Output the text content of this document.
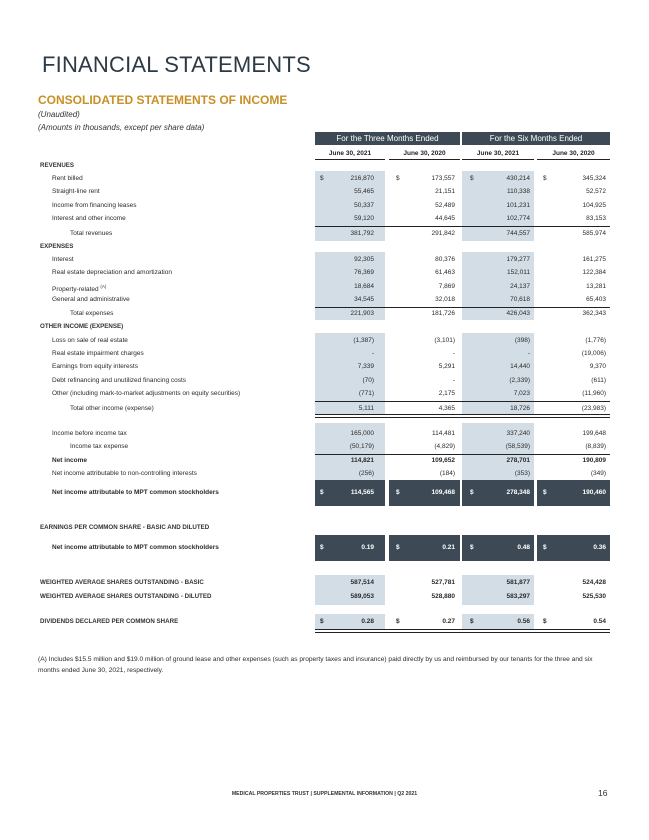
FINANCIAL STATEMENTS
CONSOLIDATED STATEMENTS OF INCOME
(Unaudited)
(Amounts in thousands, except per share data)
For the Three Months Ended	For the Six Months Ended
June 30, 2021	June 30, 2020	June 30, 2021	June 30, 2020
REVENUES
Rent billed	$	216,870	$	173,557 $	430,214 $	345,324
Straight-line rent	55,465	21,151	110,338	52,572
Income from financing leases	50,337	52,489	101,231	104,925
Interest and other income	59,120	44,645	102,774	83,153
Total revenues	381,792	291,842	744,557	585,974
EXPENSES
Interest	92,305	80,376	179,277	161,275
Real estate depreciation and amortization	76,369	61,463	152,011	122,384
Property-related $^{(A)}$	18,684	7,869	24,137	13,281
General and administrative	34,545	32,018	70,618	65,403
Total expenses	221,903	181,726	426,043	362,343
OTHER INCOME (EXPENSE)
Loss on sale of real estate	(1,387)	(3,101)	(398)	(1,776)
Real estate impairment charges	-	-	-	(19,006)
Earnings from equity interests	7,339	5,291	14,440	9,370
Debt refinancing and unutilized financing costs	(70)	-	(2,339)	(611)
Other (including mark-to-market adjustments on equity securities)	(771)	2,175	7,023	(11,960)
Total other income (expense)	5,111	4,365	18,726	(23,983)
Income before income tax	165,000	114,481	337,240	199,648
Income tax expense	(50,179)	(4,829)	(58,539)	(8,839)
Net income	114,821	109,652	278,701	190,809
Net income attributable to non-controlling interests	(256)	(184)	(353)	(349)
Net income attributable to MPT common stockholders	$	114,565	$	109,468 $	278,348 $	190,460
EARNINGS PER COMMON SHARE - BASIC AND DILUTED
Net income attributable to MPT common stockholders	$	0.19	$	0.21 $	0.48 $	0.36
WEIGHTED AVERAGE SHARES OUTSTANDING - BASIC	587,514	527,781	581,877	524,428
WEIGHTED AVERAGE SHARES OUTSTANDING - DILUTED	589,053	528,880	583,297	525,530
DIVIDENDS DECLARED PER COMMON SHARE	$	0.28	$	0.27 $	0.56 $	0.54
(A) Includes $15.5 million and $19.0 million of ground lease and other expenses (such as property taxes and insurance) paid directly by us and reimbursed by our tenants for the three and six months ended June 30, 2021, respectively.
MEDICAL PROPERTIES TRUST | SUPPLEMENTAL INFORMATION | Q2 2021	16
